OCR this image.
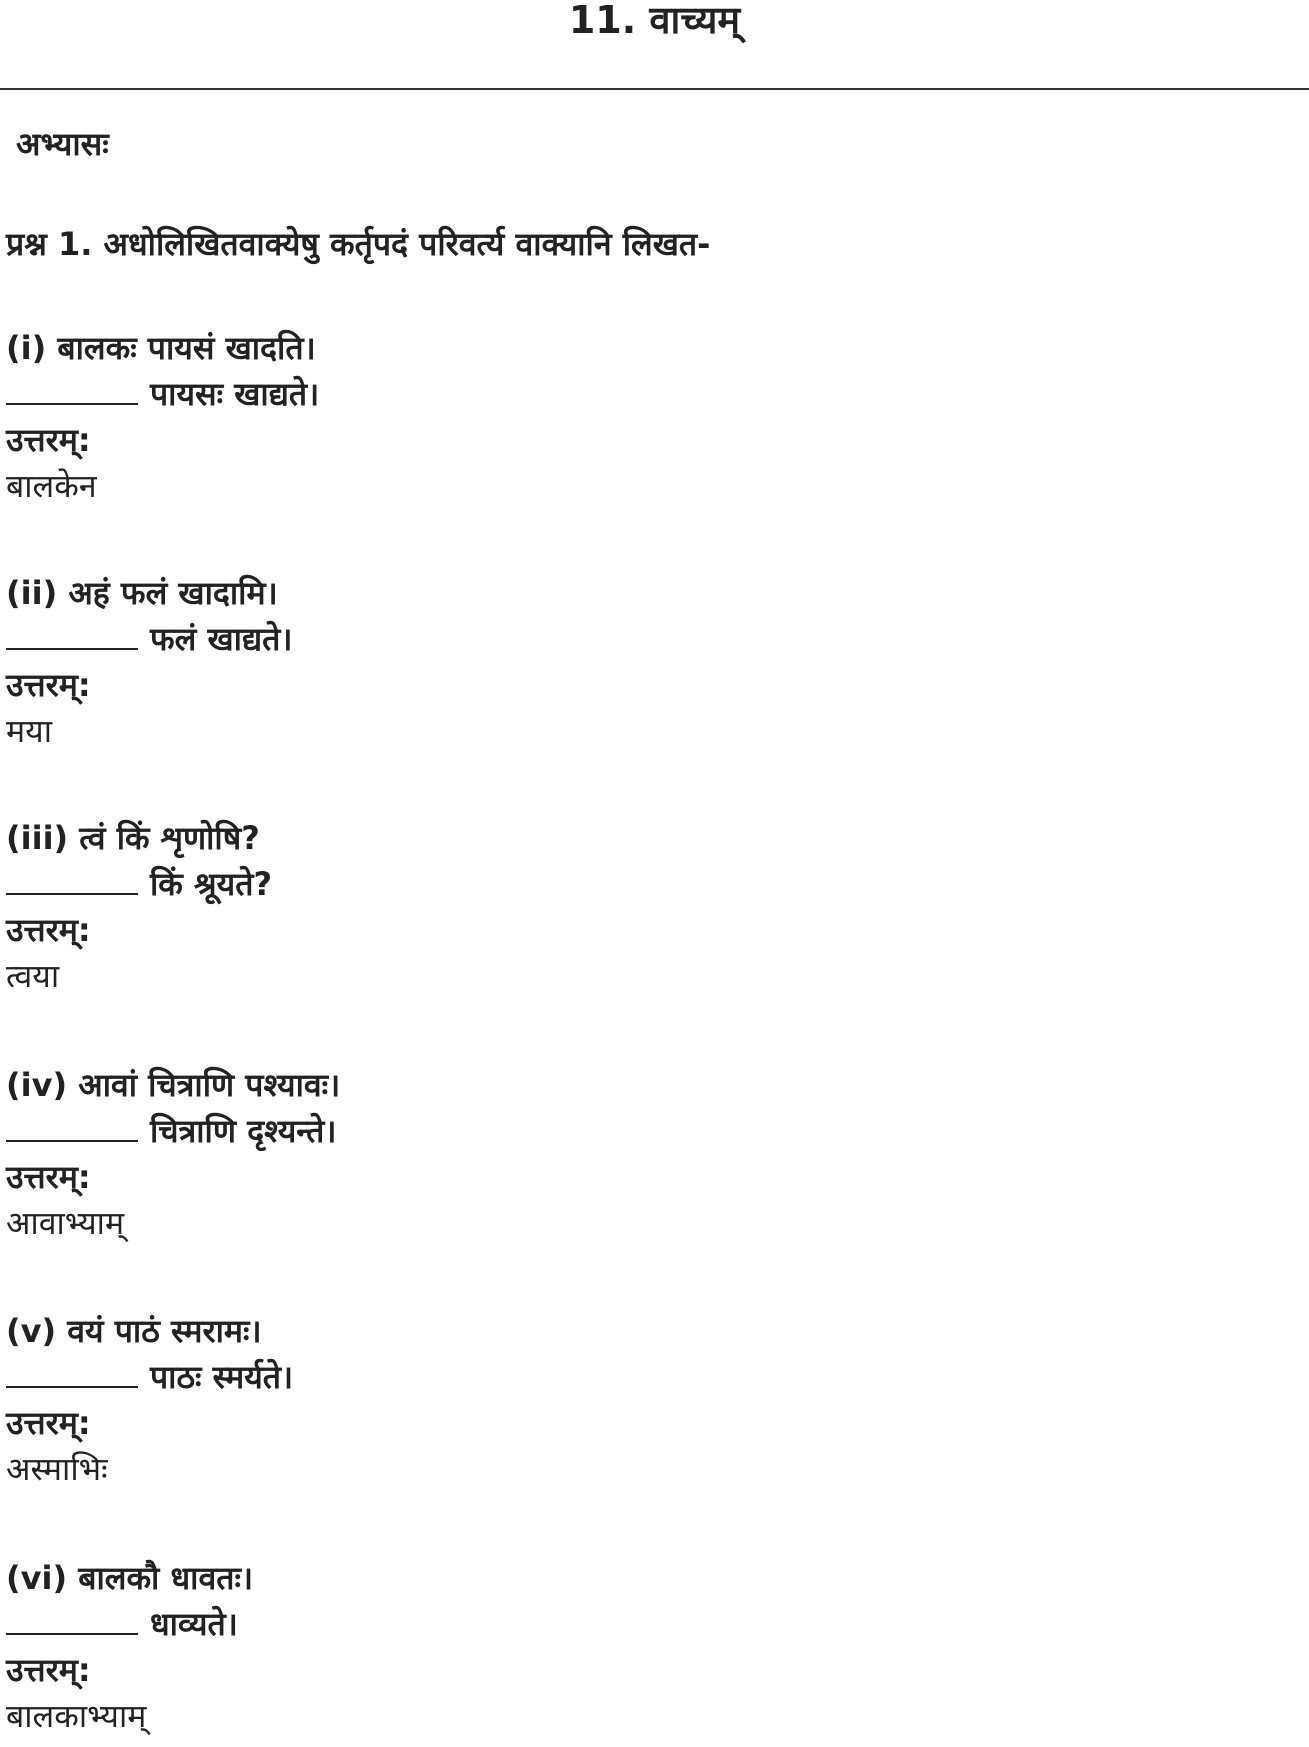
11. वाच्यम्
अभ्यासः
प्रश्न 1. अधोलिखितवाक्येषु कर्तृपदं परिवर्त्य वाक्यानि लिखत-
(i) बालकः पायसं खादति।
पायसः खाद्यते।
उत्तरम्:
बालकेन
(ii) अहं फलं खादामि।
फलं खाद्यते।
उत्तरम्:
मया
(iii) त्वं किं शृणोषि?
किं श्रूयते?
उत्तरम्:
त्वया
(iv) आवां चित्राणि पश्यावः।
चित्राणि दृश्यन्ते।
उत्तरम्:
आवाभ्याम्
(v) वयं पाठं स्मरामः।
पाठः स्मर्यते।
उत्तरम्:
अस्माभिः
(vi) बालकौ धावतः।
धाव्यते।
उत्तरम्:
बालकाभ्याम्
